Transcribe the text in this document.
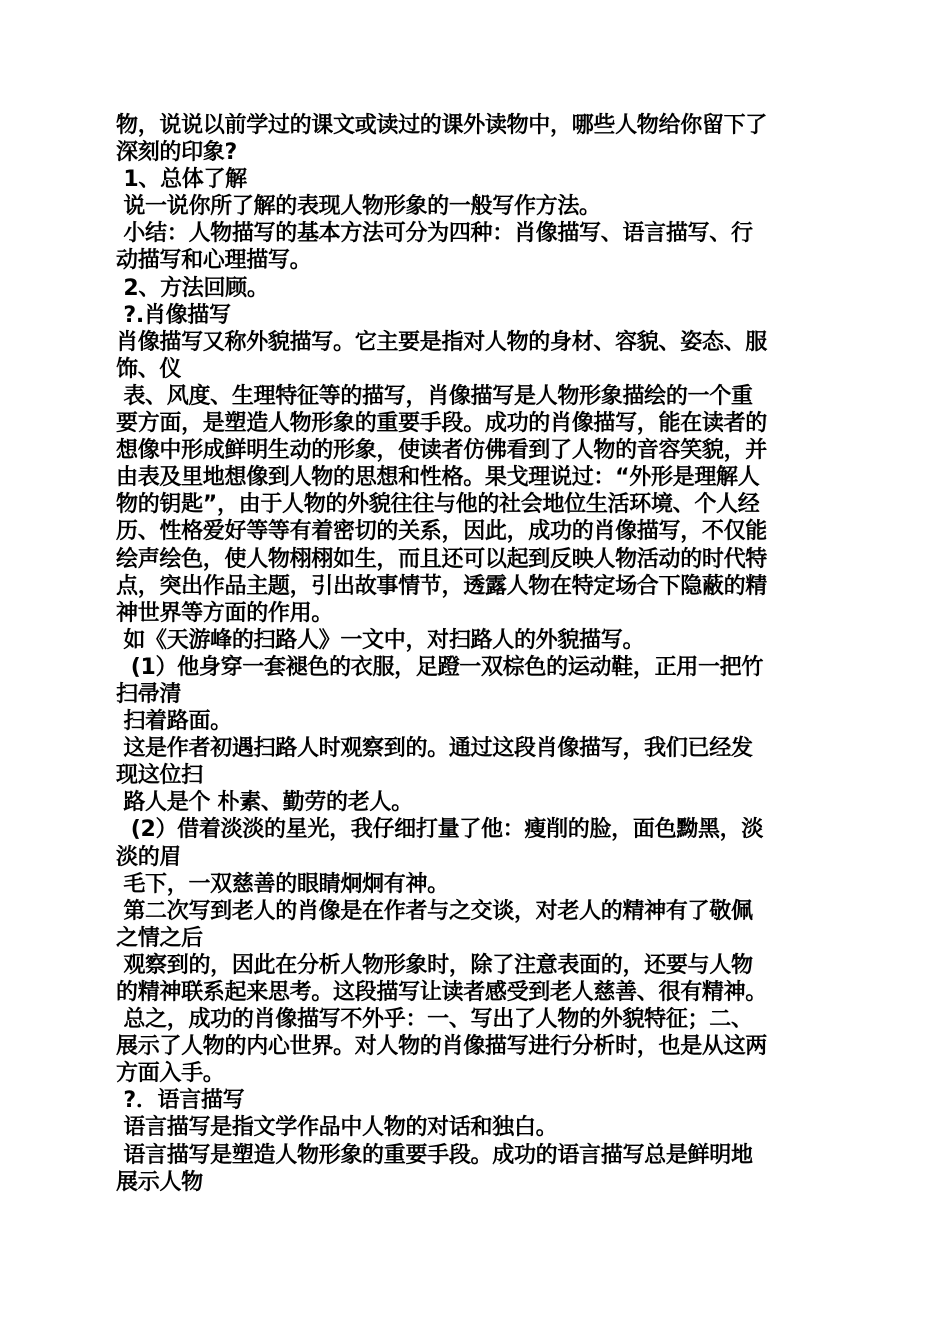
物，说说以前学过的课文或读过的课外读物中，哪些人物给你留下了
深刻的印象?
1、总体了解
说一说你所了解的表现人物形象的一般写作方法。
小结：人物描写的基本方法可分为四种：肖像描写、语言描写、行
动描写和心理描写。
2、方法回顾。
?.肖像描写
肖像描写又称外貌描写。它主要是指对人物的身材、容貌、姿态、服
饰、仪
表、风度、生理特征等的描写，肖像描写是人物形象描绘的一个重
要方面，是塑造人物形象的重要手段。成功的肖像描写，能在读者的
想像中形成鲜明生动的形象，使读者仿佛看到了人物的音容笑貌，并
由表及里地想像到人物的思想和性格。果戈理说过：“外形是理解人
物的钥匙”，由于人物的外貌往往与他的社会地位生活环境、个人经
历、性格爱好等等有着密切的关系，因此，成功的肖像描写，不仅能
绘声绘色，使人物栩栩如生，而且还可以起到反映人物活动的时代特
点，突出作品主题，引出故事情节，透露人物在特定场合下隐蔽的精
神世界等方面的作用。
如《天游峰的扫路人》一文中，对扫路人的外貌描写。
(1）他身穿一套褪色的衣服，足蹬一双棕色的运动鞋，正用一把竹
扫帚清
扫着路面。
这是作者初遇扫路人时观察到的。通过这段肖像描写，我们已经发
现这位扫
路人是个 朴素、勤劳的老人。
(2）借着淡淡的星光，我仔细打量了他：瘦削的脸，面色黝黑，淡
淡的眉
毛下，一双慈善的眼睛炯炯有神。
第二次写到老人的肖像是在作者与之交谈，对老人的精神有了敬佩
之情之后
观察到的，因此在分析人物形象时，除了注意表面的，还要与人物
的精神联系起来思考。这段描写让读者感受到老人慈善、很有精神。
总之，成功的肖像描写不外乎：一、写出了人物的外貌特征；二、
展示了人物的内心世界。对人物的肖像描写进行分析时，也是从这两
方面入手。
?．语言描写
语言描写是指文学作品中人物的对话和独白。
语言描写是塑造人物形象的重要手段。成功的语言描写总是鲜明地
展示人物
